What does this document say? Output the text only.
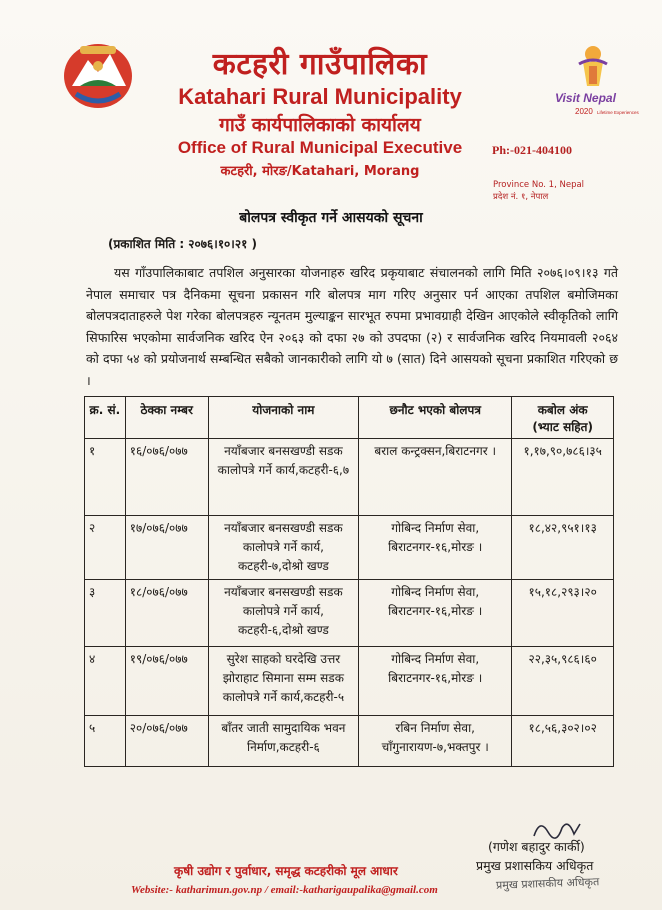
Visit Nepal
2020 Lifetime Experiences
कटहरी गाउँपालिका
Katahari Rural Municipality
गाउँ कार्यपालिकाको कार्यालय
Office of Rural Municipal Executive
कटहरी, मोरङ/Katahari, Morang
Ph:-021-404100
Province No. 1, Nepal
प्रदेश नं. १, नेपाल
बोलपत्र स्वीकृत गर्ने आसयको सूचना
(प्रकाशित मिति : २०७६।१०।२१ )
यस गाँउपालिकाबाट तपशिल अनुसारका योजनाहरु खरिद प्रकृयाबाट संचालनको लागि मिति २०७६।०९।१३ गते नेपाल समाचार पत्र दैनिकमा सूचना प्रकासन गरि बोलपत्र माग गरिए अनुसार पर्न आएका तपशिल बमोजिमका बोलपत्रदाताहरुले पेश गरेका बोलपत्रहरु न्यूनतम मुल्याङ्कन सारभूत रुपमा प्रभावग्राही देखिन आएकोले स्वीकृतिको लागि सिफारिस भएकोमा सार्वजनिक खरिद ऐन २०६३ को दफा २७ को उपदफा (२) र सार्वजनिक खरिद नियमावली २०६४ को दफा ५४ को प्रयोजनार्थ सम्बन्धित सबैको जानकारीको लागि यो ७ (सात) दिने आसयको सूचना प्रकाशित गरिएको छ ।
क्र. सं.	ठेक्का नम्बर	योजनाको नाम	छनौट भएको बोलपत्र	कबोल अंक
(भ्याट सहित)

१	१६/०७६/०७७	नयाँबजार बनसखण्डी सडक कालोपत्रे गर्ने कार्य,कटहरी-६,७	बराल कन्ट्रक्सन,बिराटनगर ।	१,१७,९०,७८६।३५
२	१७/०७६/०७७	नयाँबजार बनसखण्डी सडक कालोपत्रे गर्ने कार्य, कटहरी-७,दोश्रो खण्ड	गोबिन्द निर्माण सेवा, बिराटनगर-१६,मोरङ ।	१८,४२,९५१।१३
३	१८/०७६/०७७	नयाँबजार बनसखण्डी सडक कालोपत्रे गर्ने कार्य, कटहरी-६,दोश्रो खण्ड	गोबिन्द निर्माण सेवा, बिराटनगर-१६,मोरङ ।	१५,१८,२९३।२०
४	१९/०७६/०७७	सुरेश साहको घरदेखि उत्तर झोराहाट सिमाना सम्म सडक कालोपत्रे गर्ने कार्य,कटहरी-५	गोबिन्द निर्माण सेवा, बिराटनगर-१६,मोरङ ।	२२,३५,९८६।६०
५	२०/०७६/०७७	बाँतर जाती सामुदायिक भवन निर्माण,कटहरी-६	रबिन निर्माण सेवा, चाँगुनारायण-७,भक्तपुर ।	१८,५६,३०२।०२
(गणेश बहादुर कार्की)
प्रमुख प्रशासकिय अधिकृत
प्रमुख प्रशासकीय अधिकृत
कृषी उद्योग र पुर्वाधार, समृद्ध कटहरीको मूल आधार
Website:- katharimun.gov.np / email:-katharigaupalika@gmail.com
